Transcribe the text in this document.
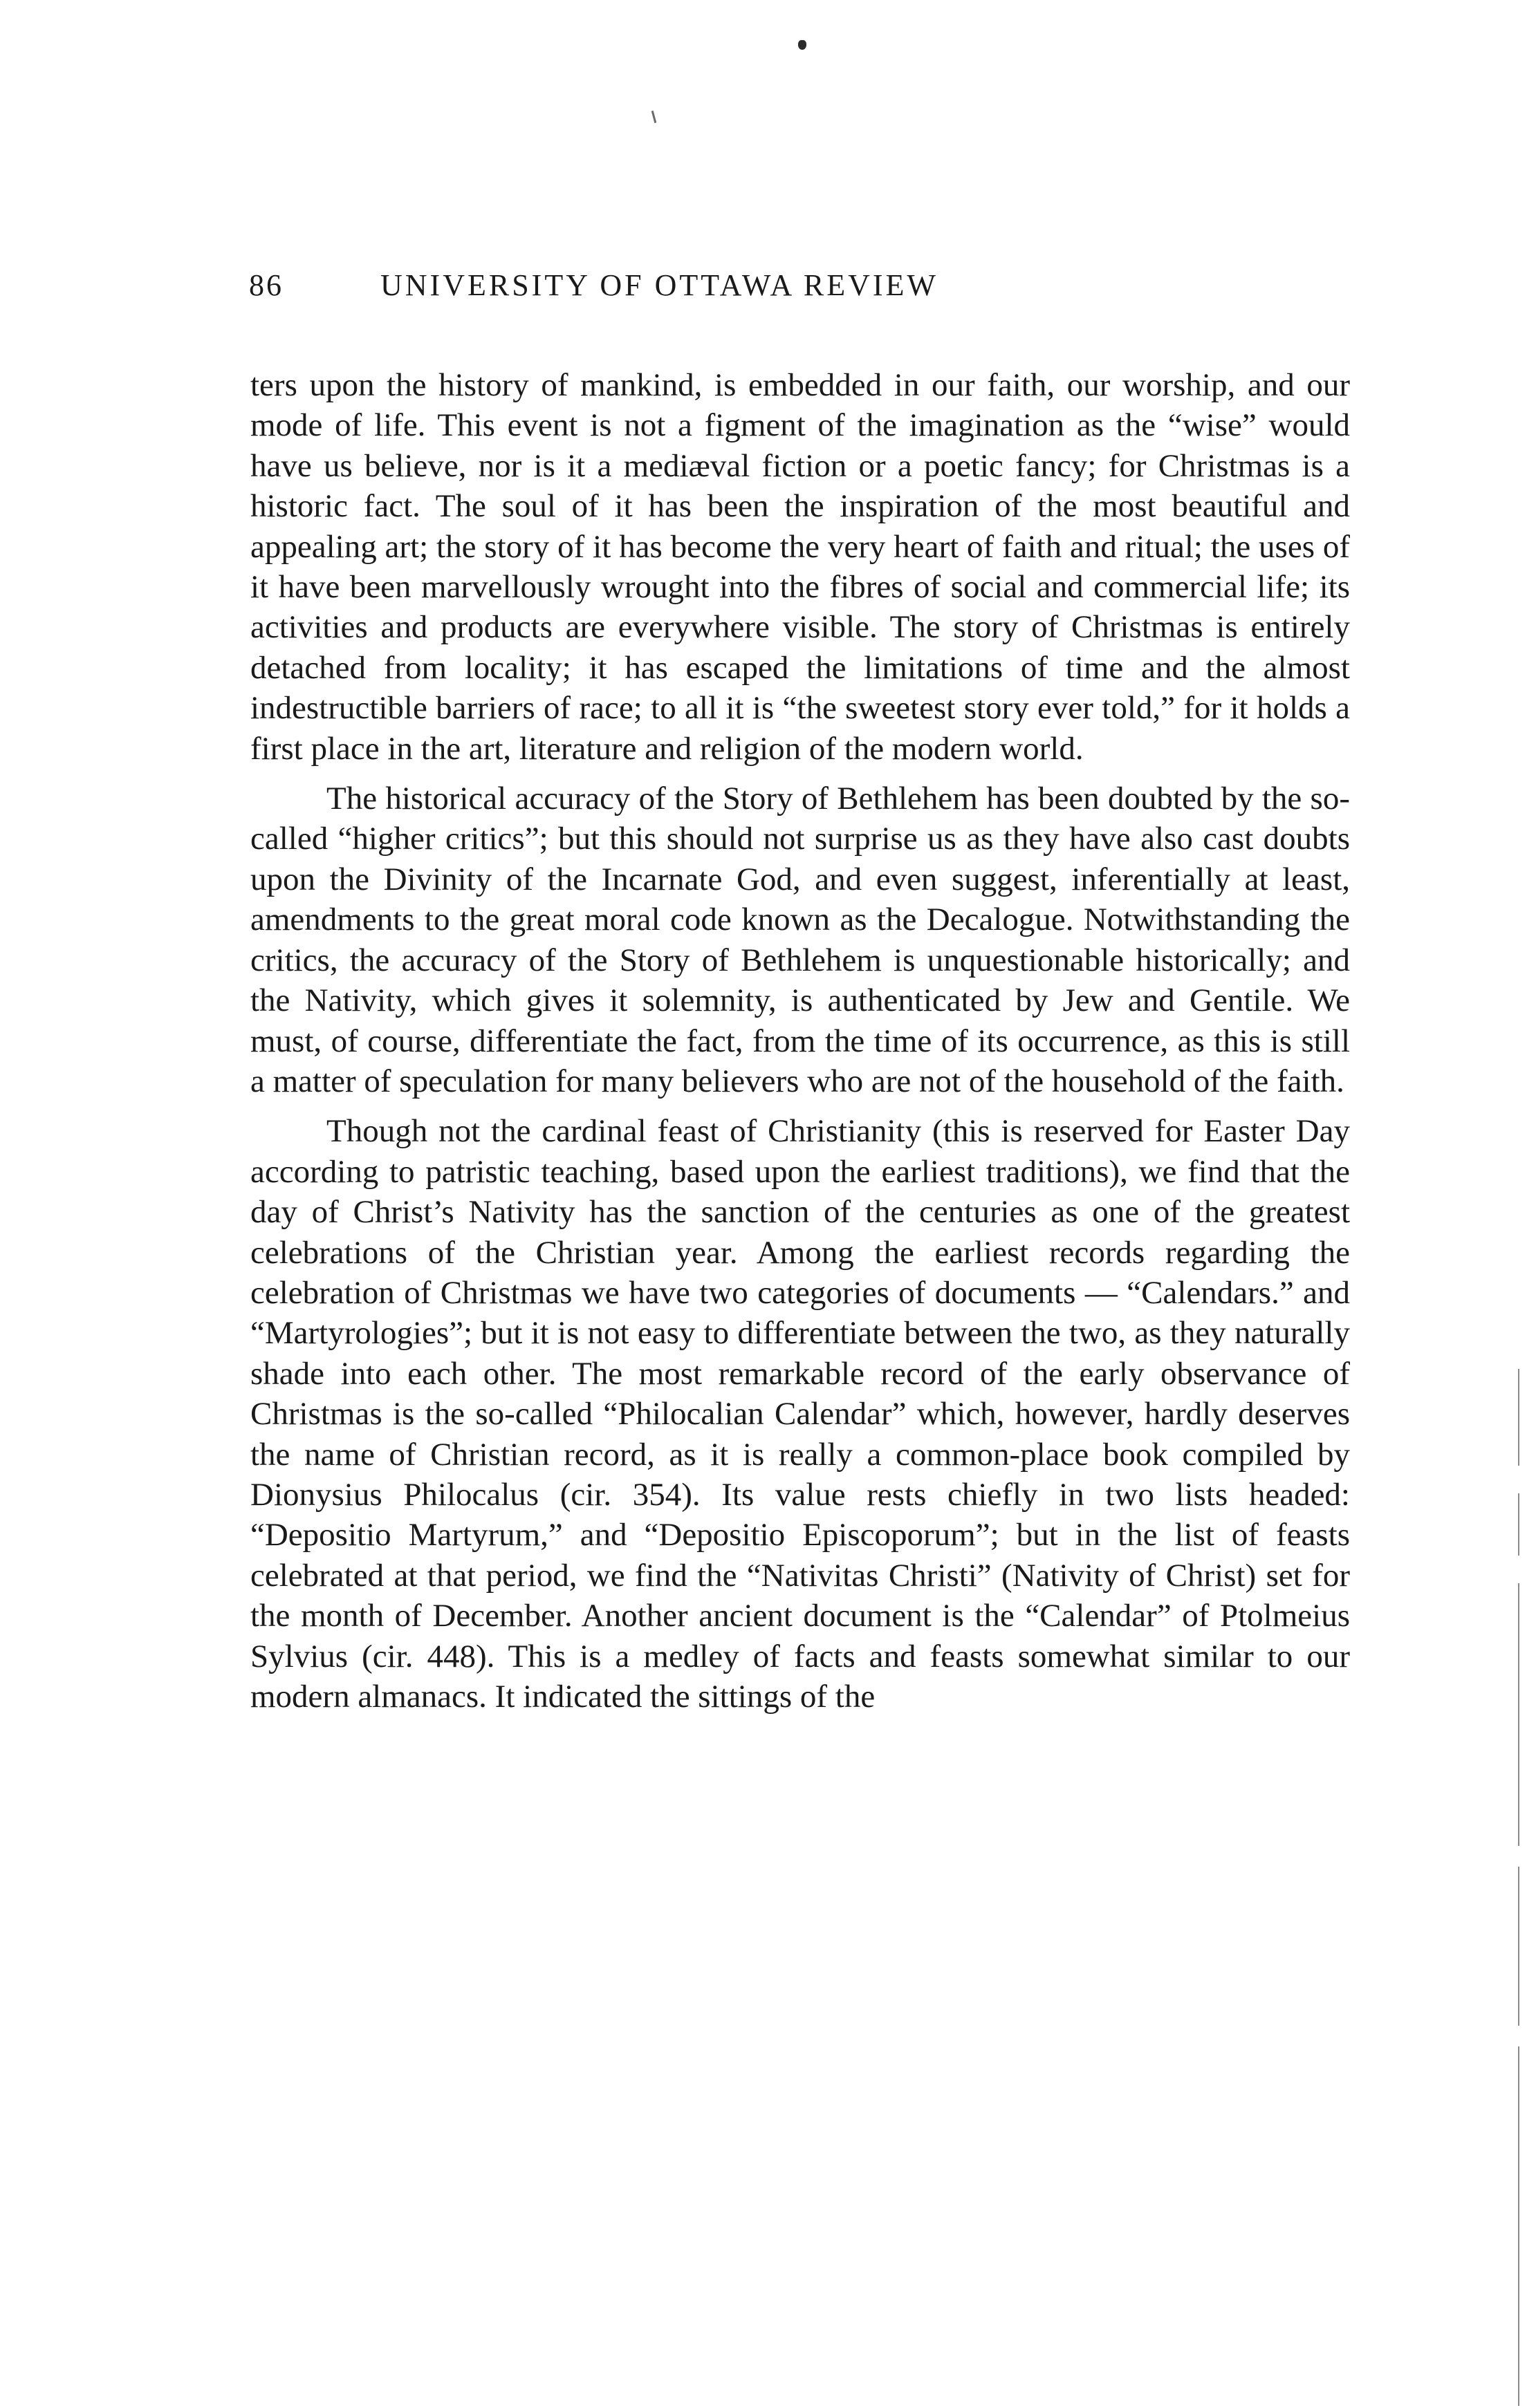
86	UNIVERSITY OF OTTAWA REVIEW

ters upon the history of mankind, is embedded in our faith, our worship, and our mode of life. This event is not a figment of the imagination as the “wise” would have us believe, nor is it a mediæval fiction or a poetic fancy; for Christmas is a historic fact. The soul of it has been the inspiration of the most beautiful and appealing art; the story of it has become the very heart of faith and ritual; the uses of it have been marvellously wrought into the fibres of social and commercial life; its activities and products are everywhere visible. The story of Christmas is entirely detached from locality; it has escaped the limitations of time and the almost indestructible barriers of race; to all it is “the sweetest story ever told,” for it holds a first place in the art, literature and religion of the modern world.

The historical accuracy of the Story of Bethlehem has been doubted by the so-called “higher critics”; but this should not surprise us as they have also cast doubts upon the Divinity of the Incarnate God, and even suggest, inferentially at least, amendments to the great moral code known as the Decalogue. Notwithstanding the critics, the accuracy of the Story of Bethlehem is unquestionable historically; and the Nativity, which gives it solemnity, is authenticated by Jew and Gentile. We must, of course, differentiate the fact, from the time of its occurrence, as this is still a matter of speculation for many believers who are not of the household of the faith.

Though not the cardinal feast of Christianity (this is reserved for Easter Day according to patristic teaching, based upon the earliest traditions), we find that the day of Christ’s Nativity has the sanction of the centuries as one of the greatest celebrations of the Christian year. Among the earliest records regarding the celebration of Christmas we have two categories of documents — “Calendars.” and “Martyrologies”; but it is not easy to differentiate between the two, as they naturally shade into each other. The most remarkable record of the early observance of Christmas is the so-called “Philocalian Calendar” which, however, hardly deserves the name of Christian record, as it is really a common-place book compiled by Dionysius Philocalus (cir. 354). Its value rests chiefly in two lists headed: “Depositio Martyrum,” and “Depositio Episcoporum”; but in the list of feasts celebrated at that period, we find the “Nativitas Christi” (Nativity of Christ) set for the month of December. Another ancient document is the “Calendar” of Ptolmeius Sylvius (cir. 448). This is a medley of facts and feasts somewhat similar to our modern almanacs. It indicated the sittings of the
